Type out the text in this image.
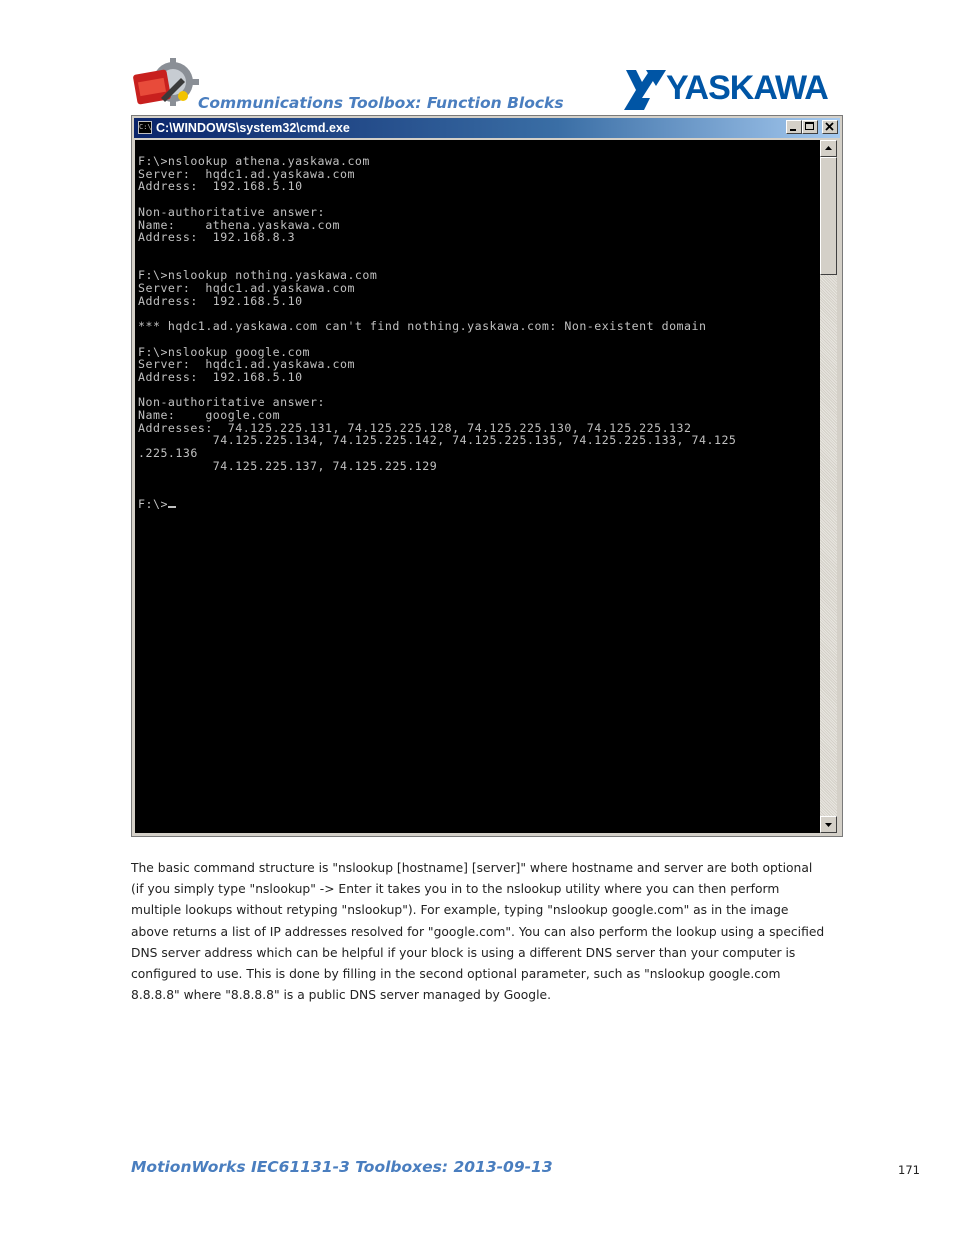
Communications Toolbox: Function Blocks	YASKAWA
C:\ C:\WINDOWS\system32\cmd.exe
F:\>nslookup athena.yaskawa.com
Server:  hqdc1.ad.yaskawa.com
Address:  192.168.5.10

Non-authoritative answer:
Name:    athena.yaskawa.com
Address:  192.168.8.3

F:\>nslookup nothing.yaskawa.com
Server:  hqdc1.ad.yaskawa.com
Address:  192.168.5.10

*** hqdc1.ad.yaskawa.com can't find nothing.yaskawa.com: Non-existent domain

F:\>nslookup google.com
Server:  hqdc1.ad.yaskawa.com
Address:  192.168.5.10

Non-authoritative answer:
Name:    google.com
Addresses:  74.125.225.131, 74.125.225.128, 74.125.225.130, 74.125.225.132
74.125.225.134, 74.125.225.142, 74.125.225.135, 74.125.225.133, 74.125
.225.136
74.125.225.137, 74.125.225.129

F:\>
The basic command structure is "nslookup [hostname] [server]" where hostname and server are both optional
(if you simply type "nslookup" -> Enter it takes you in to the nslookup utility where you can then perform
multiple lookups without retyping "nslookup"). For example, typing "nslookup google.com" as in the image
above returns a list of IP addresses resolved for "google.com". You can also perform the lookup using a specified
DNS server address which can be helpful if your block is using a different DNS server than your computer is
configured to use. This is done by filling in the second optional parameter, such as "nslookup google.com
8.8.8.8" where "8.8.8.8" is a public DNS server managed by Google.
MotionWorks IEC61131-3 Toolboxes: 2013-09-13	171
